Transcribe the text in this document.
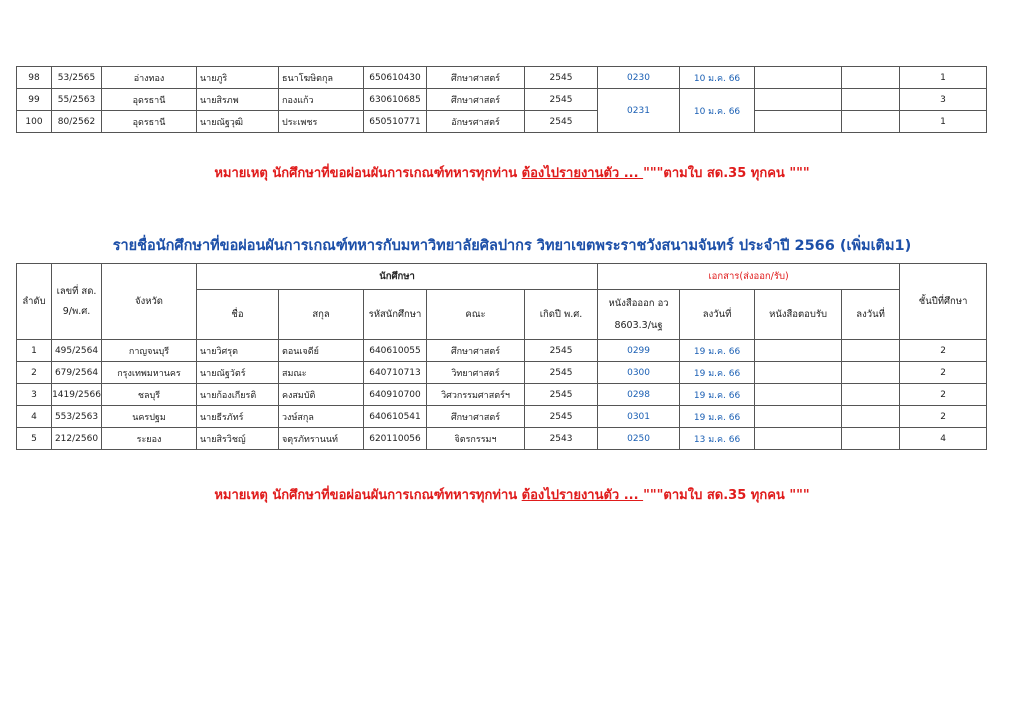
98	53/2565	อ่างทอง	นายภูริ	ธนาโฆษิตกุล	650610430	ศึกษาศาสตร์	2545	0230	10 ม.ค. 66			1
99	55/2563	อุดรธานี	นายสิรภพ	กองแก้ว	630610685	ศึกษาศาสตร์	2545	0231	10 ม.ค. 66			3
100	80/2562	อุดรธานี	นายณัฐวุฒิ	ประเพชร	650510771	อักษรศาสตร์	2545					1
หมายเหตุ นักศึกษาที่ขอผ่อนผันการเกณฑ์ทหารทุกท่าน ต้องไปรายงานตัว ... """ตามใบ สด.35 ทุกคน """
รายชื่อนักศึกษาที่ขอผ่อนผันการเกณฑ์ทหารกับมหาวิทยาลัยศิลปากร วิทยาเขตพระราชวังสนามจันทร์ ประจำปี 2566 (เพิ่มเติม1)
ลำดับ	เลขที่ สด. 9/พ.ศ.	จังหวัด	นักศึกษา					เอกสาร(ส่งออก/รับ)				ชั้นปีที่ศึกษา
			ชื่อ	สกุล	รหัสนักศึกษา	คณะ	เกิดปี พ.ศ.	หนังสือออก อว 8603.3/นฐ	ลงวันที่	หนังสือตอบรับ	ลงวันที่	
1	495/2564	กาญจนบุรี	นายวิศรุต	ตอนเจดีย์	640610055	ศึกษาศาสตร์	2545	0299	19 ม.ค. 66			2
2	679/2564	กรุงเทพมหานคร	นายณัฐวัตร์	สมณะ	640710713	วิทยาศาสตร์	2545	0300	19 ม.ค. 66			2
3	1419/2566	ชลบุรี	นายก้องเกียรติ	คงสมบัติ	640910700	วิศวกรรมศาสตร์ฯ	2545	0298	19 ม.ค. 66			2
4	553/2563	นครปฐม	นายธีรภัทร์	วงษ์สกุล	640610541	ศึกษาศาสตร์	2545	0301	19 ม.ค. 66			2
5	212/2560	ระยอง	นายสิรวิชญ์	จตุรภัทรานนท์	620110056	จิตรกรรมฯ	2543	0250	13 ม.ค. 66			4
หมายเหตุ นักศึกษาที่ขอผ่อนผันการเกณฑ์ทหารทุกท่าน ต้องไปรายงานตัว ... """ตามใบ สด.35 ทุกคน """
